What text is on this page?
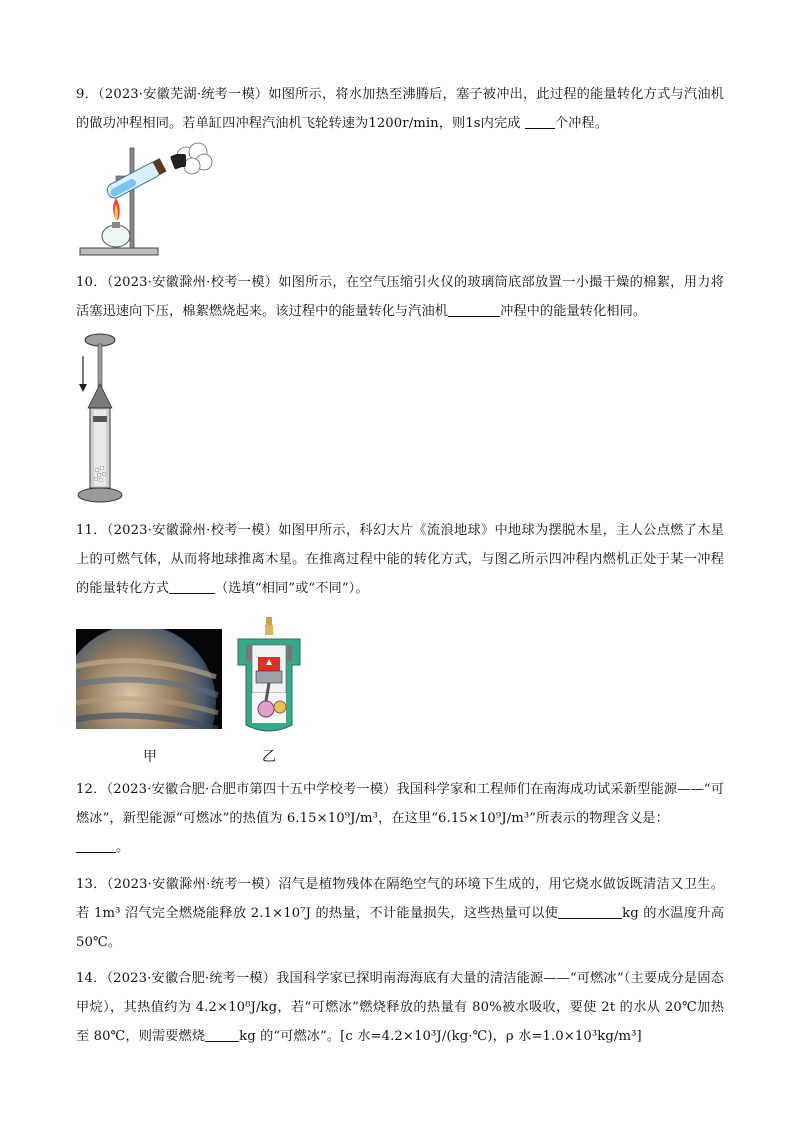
9．（2023·安徽芜湖·统考一模）如图所示，将水加热至沸腾后，塞子被冲出，此过程的能量转化方式与汽油机的做功冲程相同。若单缸四冲程汽油机飞轮转速为1200r/min，则1s内完成	个冲程。

10．（2023·安徽滁州·校考一模）如图所示，在空气压缩引火仪的玻璃筒底部放置一小撮干燥的棉絮，用力将活塞迅速向下压，棉絮燃烧起来。该过程中的能量转化与汽油机	冲程中的能量转化相同。

11．（2023·安徽滁州·校考一模）如图甲所示，科幻大片《流浪地球》中地球为摆脱木星，主人公点燃了木星上的可燃气体，从而将地球推离木星。在推离过程中能的转化方式，与图乙所示四冲程内燃机正处于某一冲程的能量转化方式	（选填“相同”或“不同”）。

甲	乙

12．（2023·安徽合肥·合肥市第四十五中学校考一模）我国科学家和工程师们在南海成功试采新型能源——“可燃冰”，新型能源“可燃冰”的热值为 6.15×10⁹J/m³，在这里“6.15×10⁹J/m³”所表示的物理含义是：
。

13．（2023·安徽滁州·统考一模）沼气是植物残体在隔绝空气的环境下生成的，用它烧水做饭既清洁又卫生。若 1m³ 沼气完全燃烧能释放 2.1×10⁷J 的热量，不计能量损失，这些热量可以使	kg 的水温度升高 50℃。

14．（2023·安徽合肥·统考一模）我国科学家已探明南海海底有大量的清洁能源——“可燃冰”（主要成分是固态甲烷），其热值约为 4.2×10⁸J/kg，若“可燃冰”燃烧释放的热量有 80%被水吸收，要使 2t 的水从 20℃加热至 80℃，则需要燃烧	kg 的“可燃冰”。[c 水=4.2×10³J/(kg·℃)，ρ 水=1.0×10³kg/m³]
